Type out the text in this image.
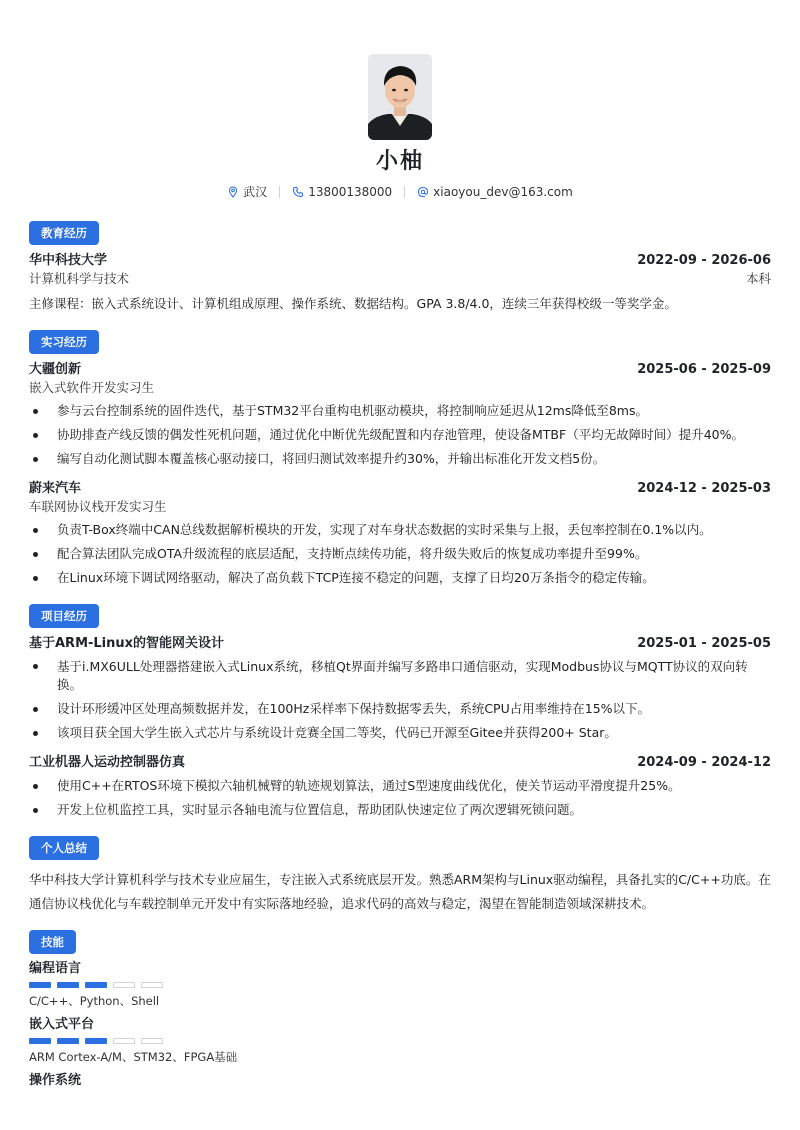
小柚
武汉	13800138000	xiaoyou_dev@163.com
教育经历
华中科技大学	2022-09 - 2026-06
计算机科学与技术	本科
主修课程：嵌入式系统设计、计算机组成原理、操作系统、数据结构。GPA 3.8/4.0，连续三年获得校级一等奖学金。
实习经历
大疆创新	2025-06 - 2025-09
嵌入式软件开发实习生
参与云台控制系统的固件迭代，基于STM32平台重构电机驱动模块，将控制响应延迟从12ms降低至8ms。
协助排查产线反馈的偶发性死机问题，通过优化中断优先级配置和内存池管理，使设备MTBF（平均无故障时间）提升40%。
编写自动化测试脚本覆盖核心驱动接口，将回归测试效率提升约30%，并输出标准化开发文档5份。
蔚来汽车	2024-12 - 2025-03
车联网协议栈开发实习生
负责T-Box终端中CAN总线数据解析模块的开发，实现了对车身状态数据的实时采集与上报，丢包率控制在0.1%以内。
配合算法团队完成OTA升级流程的底层适配，支持断点续传功能，将升级失败后的恢复成功率提升至99%。
在Linux环境下调试网络驱动，解决了高负载下TCP连接不稳定的问题，支撑了日均20万条指令的稳定传输。
项目经历
基于ARM-Linux的智能网关设计	2025-01 - 2025-05
基于i.MX6ULL处理器搭建嵌入式Linux系统，移植Qt界面并编写多路串口通信驱动，实现Modbus协议与MQTT协议的双向转换。
设计环形缓冲区处理高频数据并发，在100Hz采样率下保持数据零丢失，系统CPU占用率维持在15%以下。
该项目获全国大学生嵌入式芯片与系统设计竞赛全国二等奖，代码已开源至Gitee并获得200+ Star。
工业机器人运动控制器仿真	2024-09 - 2024-12
使用C++在RTOS环境下模拟六轴机械臂的轨迹规划算法，通过S型速度曲线优化，使关节运动平滑度提升25%。
开发上位机监控工具，实时显示各轴电流与位置信息，帮助团队快速定位了两次逻辑死锁问题。
个人总结
华中科技大学计算机科学与技术专业应届生，专注嵌入式系统底层开发。熟悉ARM架构与Linux驱动编程，具备扎实的C/C++功底。在通信协议栈优化与车载控制单元开发中有实际落地经验，追求代码的高效与稳定，渴望在智能制造领域深耕技术。
技能
编程语言
C/C++、Python、Shell
嵌入式平台
ARM Cortex-A/M、STM32、FPGA基础
操作系统
